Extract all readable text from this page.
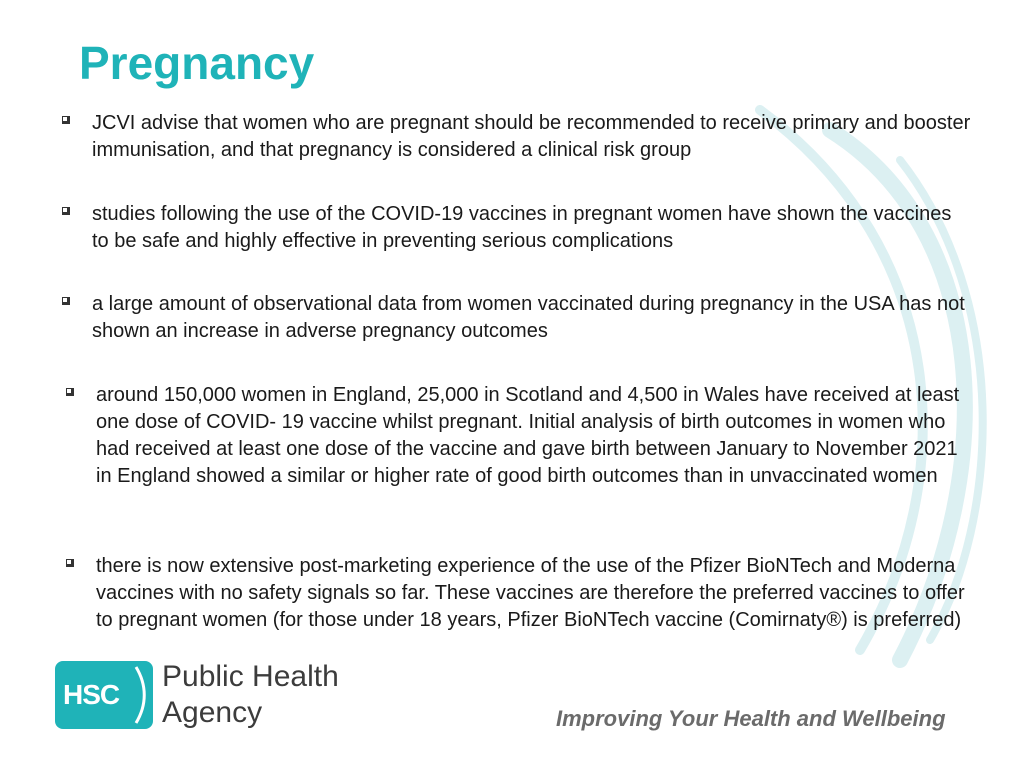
Pregnancy
JCVI advise that women who are pregnant should be recommended to receive primary and booster immunisation, and that pregnancy is considered a clinical risk group
studies following the use of the COVID-19 vaccines in pregnant women have shown the vaccines to be safe and highly effective in preventing serious complications
a large amount of observational data from women vaccinated during pregnancy in the USA has not shown an increase in adverse pregnancy outcomes
around 150,000 women in England, 25,000 in Scotland and 4,500 in Wales have received at least one dose of COVID- 19 vaccine whilst pregnant. Initial analysis of birth outcomes in women who had received at least one dose of the vaccine and gave birth between January to November 2021 in England showed a similar or higher rate of good birth outcomes than in unvaccinated women
there is now extensive post-marketing experience of the use of the Pfizer BioNTech and Moderna vaccines with no safety signals so far. These vaccines are therefore the preferred vaccines to offer to pregnant women (for those under 18 years, Pfizer BioNTech vaccine (Comirnaty®) is preferred)
HSC
Public Health
Agency	Improving Your Health and Wellbeing
